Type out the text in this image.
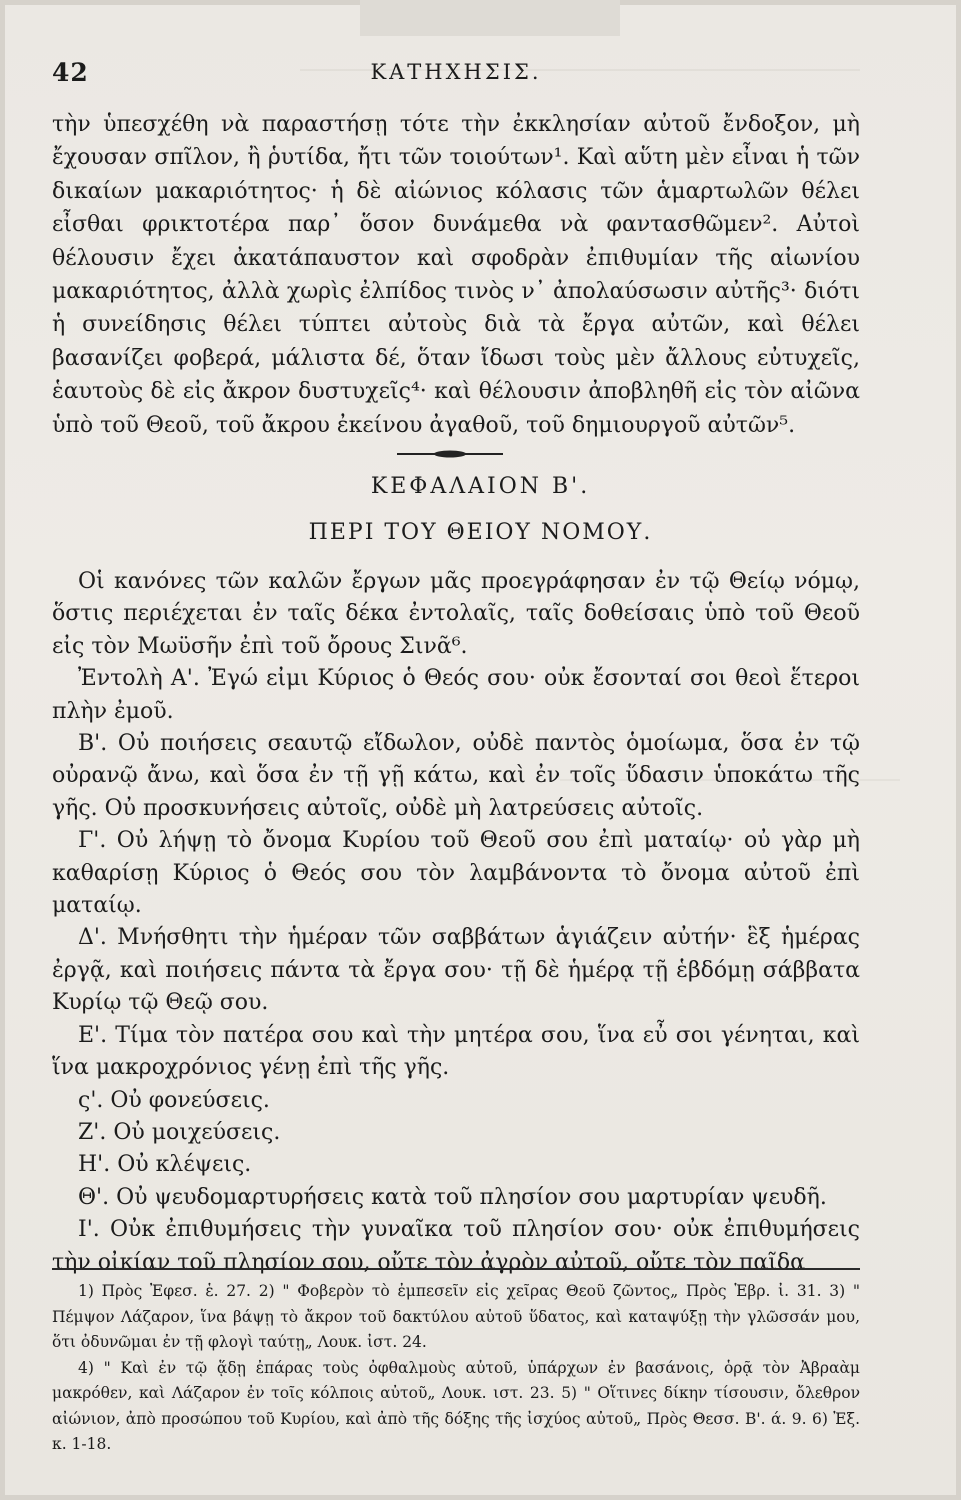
42	ΚΑΤΗΧΗΣΙΣ.

τὴν ὑπεσχέθη νὰ παραστήσῃ τότε τὴν ἐκκλησίαν αὐτοῦ ἔνδοξον, μὴ ἔχουσαν σπῖλον, ἢ ῥυτίδα, ἤτι τῶν τοιούτων¹. Καὶ αὕτη μὲν εἶναι ἡ τῶν δικαίων μακαριότητος· ἡ δὲ αἰώνιος κόλασις τῶν ἁμαρτωλῶν θέλει εἶσθαι φρικτοτέρα παρ᾽ ὅσον δυνάμεθα νὰ φαντασθῶμεν². Αὐτοὶ θέλουσιν ἔχει ἀκατάπαυστον καὶ σφοδρὰν ἐπιθυμίαν τῆς αἰωνίου μακαριότητος, ἀλλὰ χωρὶς ἐλπίδος τινὸς ν᾽ ἀπολαύσωσιν αὐτῆς³· διότι ἡ συνείδησις θέλει τύπτει αὐτοὺς διὰ τὰ ἔργα αὐτῶν, καὶ θέλει βασανίζει φοβερά, μάλιστα δέ, ὅταν ἴδωσι τοὺς μὲν ἄλλους εὐτυχεῖς, ἑαυτοὺς δὲ εἰς ἄκρον δυστυχεῖς⁴· καὶ θέλουσιν ἀποβληθῆ εἰς τὸν αἰῶνα ὑπὸ τοῦ Θεοῦ, τοῦ ἄκρου ἐκείνου ἀγαθοῦ, τοῦ δημιουργοῦ αὐτῶν⁵.

ΚΕΦΑΛΑΙΟΝ Β'.
ΠΕΡΙ ΤΟΥ ΘΕΙΟΥ ΝΟΜΟΥ.

Οἱ κανόνες τῶν καλῶν ἔργων μᾶς προεγράφησαν ἐν τῷ Θείῳ νόμῳ, ὅστις περιέχεται ἐν ταῖς δέκα ἐντολαῖς, ταῖς δοθείσαις ὑπὸ τοῦ Θεοῦ εἰς τὸν Μωϋσῆν ἐπὶ τοῦ ὄρους Σινᾶ⁶.

Ἐντολὴ Α'. Ἐγώ εἰμι Κύριος ὁ Θεός σου· οὐκ ἔσονταί σοι θεοὶ ἕτεροι πλὴν ἐμοῦ.

Β'. Οὐ ποιήσεις σεαυτῷ εἴδωλον, οὐδὲ παντὸς ὁμοίωμα, ὅσα ἐν τῷ οὐρανῷ ἄνω, καὶ ὅσα ἐν τῇ γῇ κάτω, καὶ ἐν τοῖς ὕδασιν ὑποκάτω τῆς γῆς. Οὐ προσκυνήσεις αὐτοῖς, οὐδὲ μὴ λατρεύσεις αὐτοῖς.

Γ'. Οὐ λήψῃ τὸ ὄνομα Κυρίου τοῦ Θεοῦ σου ἐπὶ ματαίῳ· οὐ γὰρ μὴ καθαρίσῃ Κύριος ὁ Θεός σου τὸν λαμβάνοντα τὸ ὄνομα αὐτοῦ ἐπὶ ματαίῳ.

Δ'. Μνήσθητι τὴν ἡμέραν τῶν σαββάτων ἁγιάζειν αὐτήν· ἓξ ἡμέρας ἐργᾷ, καὶ ποιήσεις πάντα τὰ ἔργα σου· τῇ δὲ ἡμέρᾳ τῇ ἑβδόμῃ σάββατα Κυρίῳ τῷ Θεῷ σου.

Ε'. Τίμα τὸν πατέρα σου καὶ τὴν μητέρα σου, ἵνα εὖ σοι γένηται, καὶ ἵνα μακροχρόνιος γένῃ ἐπὶ τῆς γῆς.

ς'. Οὐ φονεύσεις.

Ζ'. Οὐ μοιχεύσεις.

Η'. Οὐ κλέψεις.

Θ'. Οὐ ψευδομαρτυρήσεις κατὰ τοῦ πλησίον σου μαρτυρίαν ψευδῆ.

Ι'. Οὐκ ἐπιθυμήσεις τὴν γυναῖκα τοῦ πλησίον σου· οὐκ ἐπιθυμήσεις τὴν οἰκίαν τοῦ πλησίον σου, οὔτε τὸν ἀγρὸν αὐτοῦ, οὔτε τὸν παῖδα

1) Πρὸς Ἐφεσ. ἑ. 27. 2) " Φοβερὸν τὸ ἐμπεσεῖν εἰς χεῖρας Θεοῦ ζῶντος„ Πρὸς Ἑβρ. ἰ. 31. 3) " Πέμψον Λάζαρον, ἵνα βάψῃ τὸ ἄκρον τοῦ δακτύλου αὐτοῦ ὕδατος, καὶ καταψύξῃ τὴν γλῶσσάν μου, ὅτι ὀδυνῶμαι ἐν τῇ φλογὶ ταύτῃ„ Λουκ. ἰστ. 24.

4) " Καὶ ἐν τῷ ᾅδῃ ἐπάρας τοὺς ὀφθαλμοὺς αὐτοῦ, ὑπάρχων ἐν βασάνοις, ὁρᾷ τὸν Ἀβραὰμ μακρόθεν, καὶ Λάζαρον ἐν τοῖς κόλποις αὐτοῦ„ Λουκ. ιστ. 23. 5) " Οἵτινες δίκην τίσουσιν, ὄλεθρον αἰώνιον, ἀπὸ προσώπου τοῦ Κυρίου, καὶ ἀπὸ τῆς δόξης τῆς ἰσχύος αὐτοῦ„ Πρὸς Θεσσ. Β'. ά. 9. 6) Ἐξ. κ. 1-18.
